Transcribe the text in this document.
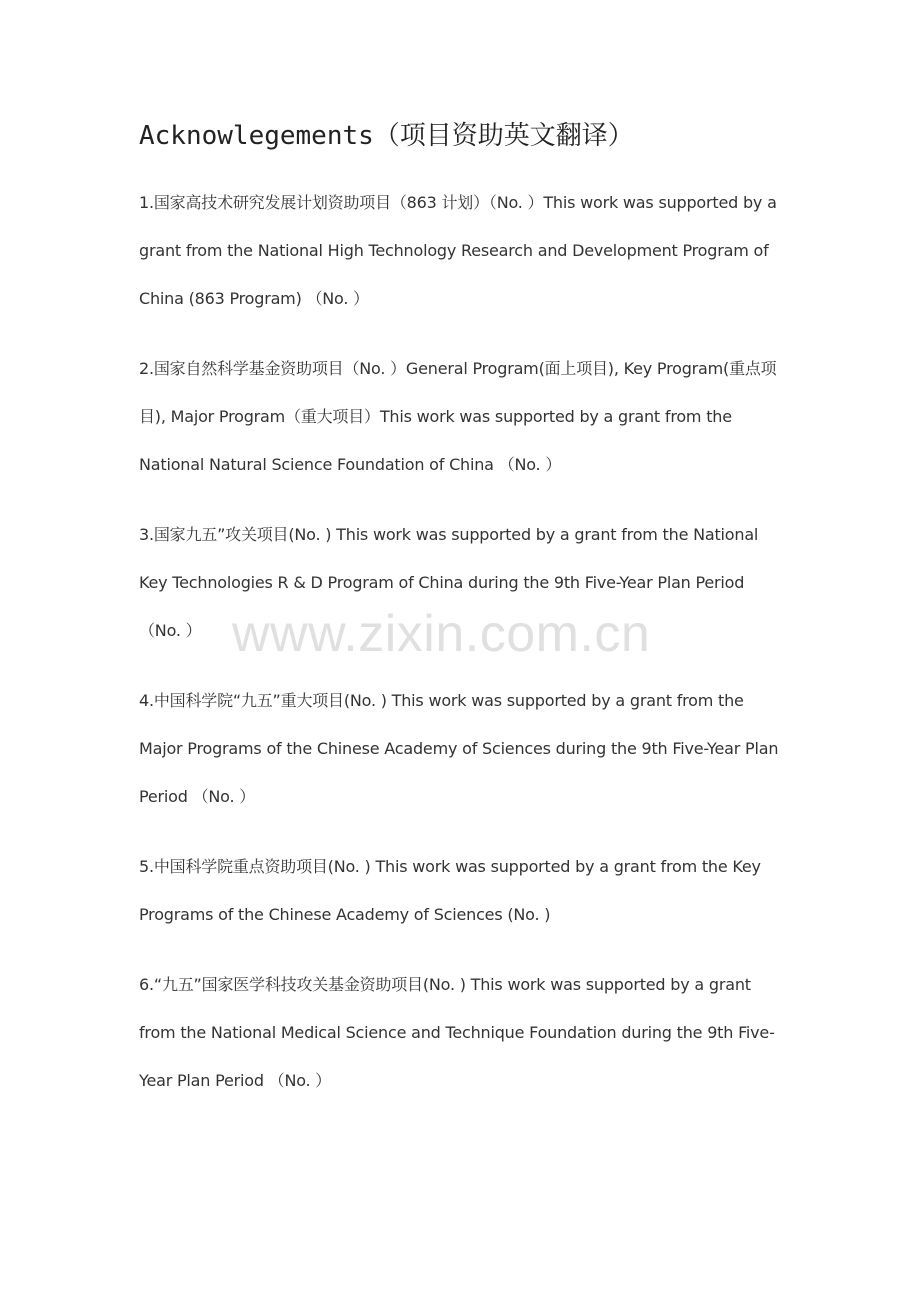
Acknowlegements（项目资助英文翻译）
1.国家高技术研究发展计划资助项目（863 计划）（No. ）This work was supported by a grant from the National High Technology Research and Development Program of China (863 Program) （No. ）
2.国家自然科学基金资助项目（No. ）General Program(面上项目), Key Program(重点项目), Major Program（重大项目）This work was supported by a grant from the National Natural Science Foundation of China （No. ）
3.国家九五”攻关项目(No. ) This work was supported by a grant from the National Key Technologies R & D Program of China during the 9th Five-Year Plan Period （No. ）
4.中国科学院“九五”重大项目(No. ) This work was supported by a grant from the Major Programs of the Chinese Academy of Sciences during the 9th Five-Year Plan Period （No. ）
5.中国科学院重点资助项目(No. ) This work was supported by a grant from the Key Programs of the Chinese Academy of Sciences (No. )
6.“九五”国家医学科技攻关基金资助项目(No. ) This work was supported by a grant from the National Medical Science and Technique Foundation during the 9th Five-Year Plan Period （No. ）
www.zixin.com.cn
